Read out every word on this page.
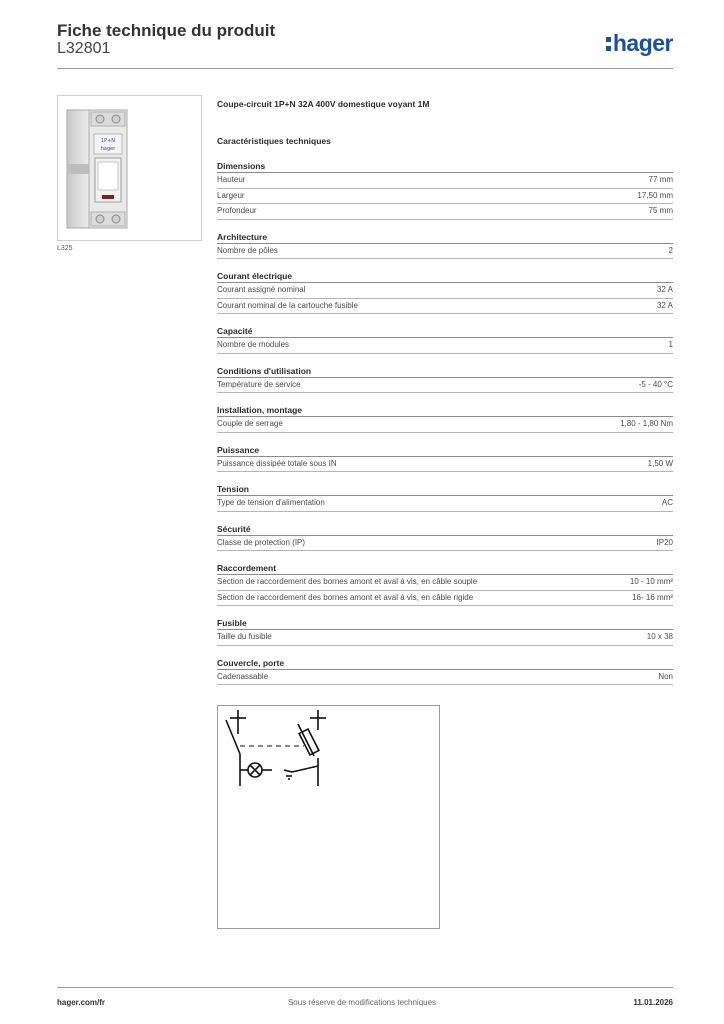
Fiche technique du produit
L32801	hager
1P+N
hager
L325
Coupe-circuit 1P+N 32A 400V domestique voyant 1M
Caractéristiques techniques
Dimensions
Hauteur	77 mm
Largeur	17,50 mm
Profondeur	75 mm
Architecture
Nombre de pôles	2
Courant électrique
Courant assigné nominal	32 A
Courant nominal de la cartouche fusible	32 A
Capacité
Nombre de modules	1
Conditions d'utilisation
Température de service	-5 - 40 °C
Installation, montage
Couple de serrage	1,80 - 1,80 Nm
Puissance
Puissance dissipée totale sous IN	1,50 W
Tension
Type de tension d'alimentation	AC
Sécurité
Classe de protection (IP)	IP20
Raccordement
Section de raccordement des bornes amont et aval à vis, en câble souple	10 - 10 mm²
Section de raccordement des bornes amont et aval à vis, en câble rigide	16- 16 mm²
Fusible
Taille du fusible	10 x 38
Couvercle, porte
Cadenassable	Non
hager.com/fr	Sous réserve de modifications techniques	11.01.2026
